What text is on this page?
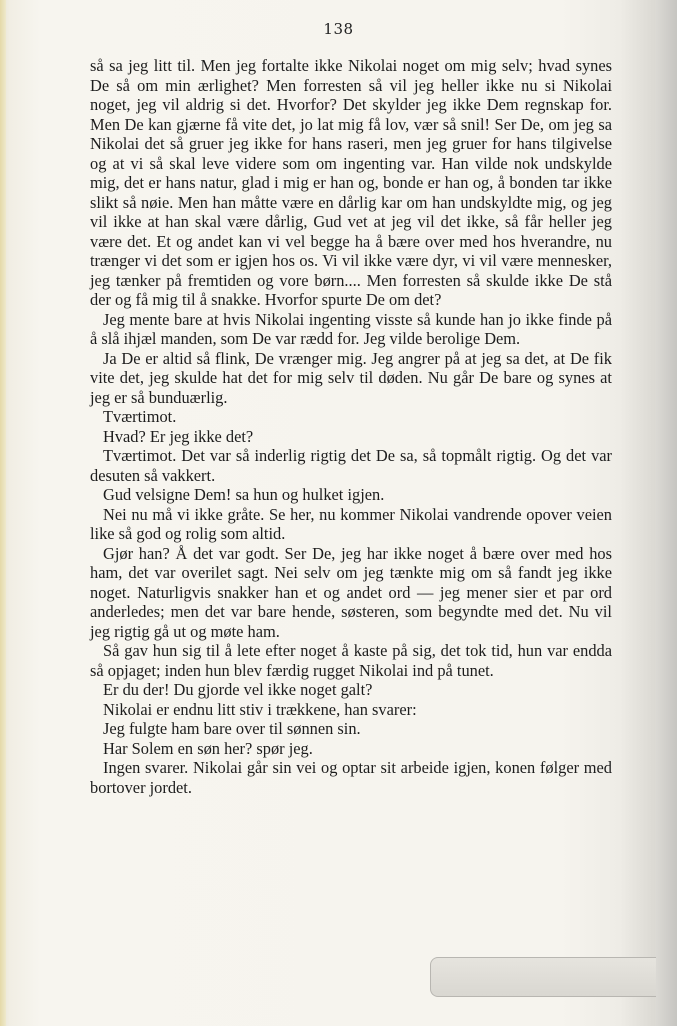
138

så sa jeg litt til. Men jeg fortalte ikke Nikolai noget om mig selv; hvad synes De så om min ærlighet? Men forresten så vil jeg heller ikke nu si Nikolai noget, jeg vil aldrig si det. Hvorfor? Det skylder jeg ikke Dem regnskap for. Men De kan gjærne få vite det, jo lat mig få lov, vær så snil! Ser De, om jeg sa Nikolai det så gruer jeg ikke for hans raseri, men jeg gruer for hans tilgivelse og at vi så skal leve videre som om ingenting var. Han vilde nok undskylde mig, det er hans natur, glad i mig er han og, bonde er han og, å bonden tar ikke slikt så nøie. Men han måtte være en dårlig kar om han undskyldte mig, og jeg vil ikke at han skal være dårlig, Gud vet at jeg vil det ikke, så får heller jeg være det. Et og andet kan vi vel begge ha å bære over med hos hverandre, nu trænger vi det som er igjen hos os. Vi vil ikke være dyr, vi vil være mennesker, jeg tænker på fremtiden og vore børn.... Men forresten så skulde ikke De stå der og få mig til å snakke. Hvorfor spurte De om det?

Jeg mente bare at hvis Nikolai ingenting visste så kunde han jo ikke finde på å slå ihjæl manden, som De var rædd for. Jeg vilde berolige Dem.

Ja De er altid så flink, De vrænger mig. Jeg angrer på at jeg sa det, at De fik vite det, jeg skulde hat det for mig selv til døden. Nu går De bare og synes at jeg er så bunduærlig.

Tværtimot.

Hvad? Er jeg ikke det?

Tværtimot. Det var så inderlig rigtig det De sa, så topmålt rigtig. Og det var desuten så vakkert.

Gud velsigne Dem! sa hun og hulket igjen.

Nei nu må vi ikke gråte. Se her, nu kommer Nikolai vandrende opover veien like så god og rolig som altid.

Gjør han? Å det var godt. Ser De, jeg har ikke noget å bære over med hos ham, det var overilet sagt. Nei selv om jeg tænkte mig om så fandt jeg ikke noget. Naturligvis snakker han et og andet ord — jeg mener sier et par ord anderledes; men det var bare hende, søsteren, som begyndte med det. Nu vil jeg rigtig gå ut og møte ham.

Så gav hun sig til å lete efter noget å kaste på sig, det tok tid, hun var endda så opjaget; inden hun blev færdig rugget Nikolai ind på tunet.

Er du der! Du gjorde vel ikke noget galt?

Nikolai er endnu litt stiv i trækkene, han svarer:

Jeg fulgte ham bare over til sønnen sin.

Har Solem en søn her? spør jeg.

Ingen svarer. Nikolai går sin vei og optar sit arbeide igjen, konen følger med bortover jordet.
